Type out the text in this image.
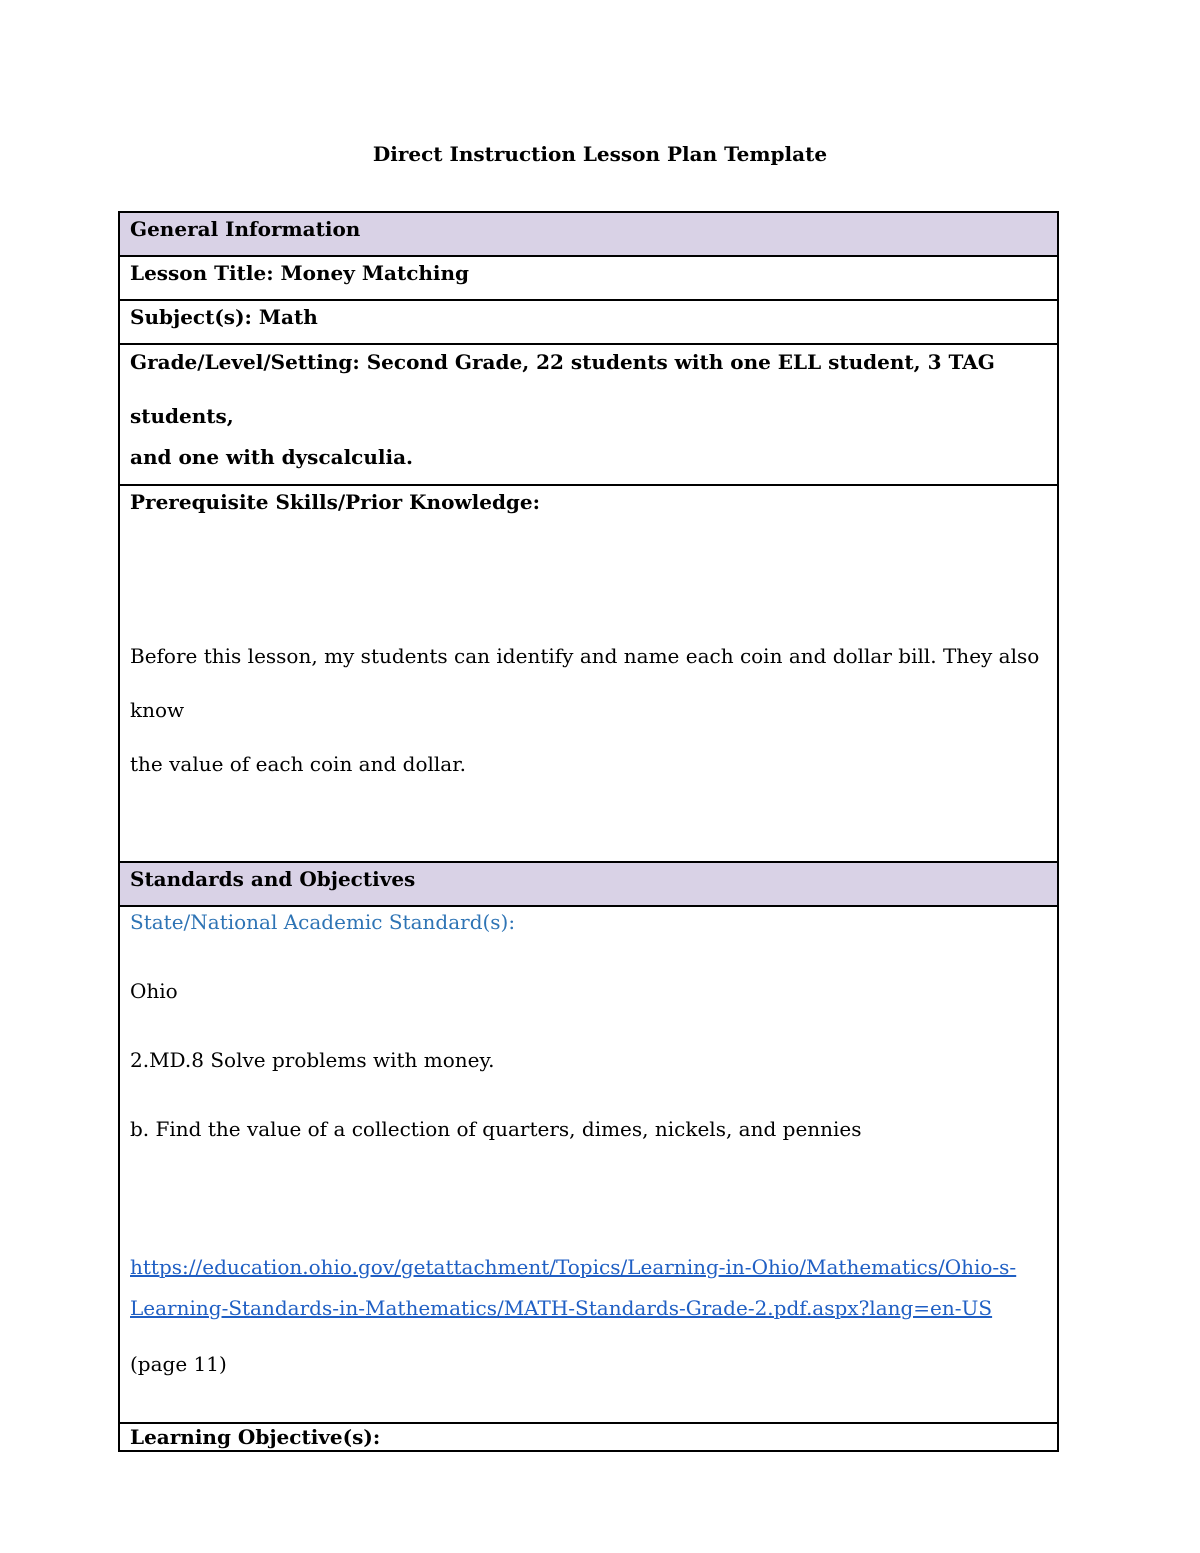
Direct Instruction Lesson Plan Template
General Information
Lesson Title: Money Matching
Subject(s): Math
Grade/Level/Setting: Second Grade, 22 students with one ELL student, 3 TAG students,
and one with dyscalculia.
Prerequisite Skills/Prior Knowledge:
Before this lesson, my students can identify and name each coin and dollar bill. They also know
the value of each coin and dollar.
Standards and Objectives
State/National Academic Standard(s):
Ohio
2.MD.8 Solve problems with money.
b. Find the value of a collection of quarters, dimes, nickels, and pennies
https://education.ohio.gov/getattachment/Topics/Learning-in-Ohio/Mathematics/Ohio-s-
Learning-Standards-in-Mathematics/MATH-Standards-Grade-2.pdf.aspx?lang=en-US (page 11)
Learning Objective(s):
